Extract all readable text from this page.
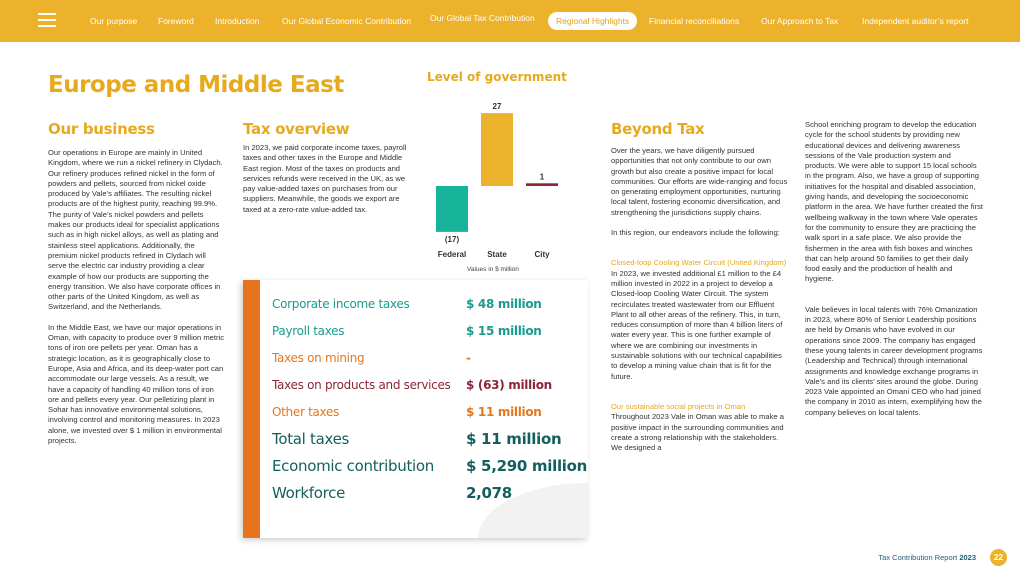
Our purpose Foreword Introduction	Our Global Economic Contribution Our Global Tax Contribution	Regional Highlights	Financial reconciliations	Our Approach to Tax	Independent auditor’s report
Europe and Middle East
Our business

Our operations in Europe are mainly in United Kingdom, where we run a nickel refinery in Clydach. Our refinery produces refined nickel in the form of powders and pellets, sourced from nickel oxide produced by Vale’s affiliates. The resulting nickel products are of the highest purity, reaching 99.9%. The purity of Vale’s nickel powders and pellets makes our products ideal for specialist applications such as in high nickel alloys, as well as plating and stainless steel applications. Additionally, the premium nickel products refined in Clydach will serve the electric car industry providing a clear example of how our products are supporting the energy transition. We also have corporate offices in other parts of the United Kingdom, as well as Switzerland, and the Netherlands.

In the Middle East, we have our major operations in Oman, with capacity to produce over 9 million metric tons of iron ore pellets per year. Oman has a strategic location, as it is geographically close to Europe, Asia and Africa, and its deep-water port can accommodate our large vessels. As a result, we have a capacity of handling 40 million tons of iron ore and pellets every year. Our pelletizing plant in Sohar has innovative environmental solutions, involving control and monitoring measures. In 2023 alone, we invested over $ 1 million in environmental projects.

Tax overview

In 2023, we paid corporate income taxes, payroll taxes and other taxes in the Europe and Middle East region. Most of the taxes on products and services refunds were received in the UK, as we pay value-added taxes on purchases from our suppliers. Meanwhile, the goods we export are taxed at a zero-rate value-added tax.

Level of government
(17)
Federal
27
State
1
City
Values in $ million
Corporate income taxes	$ 48 million
Payroll taxes	$ 15 million
Taxes on mining	-
Taxes on products and services $ (63) million
Other taxes	$ 11 million
Total taxes	$ 11 million
Economic contribution $ 5,290 million
Workforce	2,078
Beyond Tax

Over the years, we have diligently pursued opportunities that not only contribute to our own growth but also create a positive impact for local communities. Our efforts are wide-ranging and focus on generating employment opportunities, nurturing local talent, fostering economic diversification, and strengthening the jurisdictions supply chains.

In this region, our endeavors include the following:

Closed-loop Cooling Water Circuit (United Kingdom)

In 2023, we invested additional £1 million to the £4 million invested in 2022 in a project to develop a Closed-loop Cooling Water Circuit. The system recirculates treated wastewater from our Effluent Plant to all other areas of the refinery. This, in turn, reduces consumption of more than 4 billion liters of water every year. This is one further example of where we are combining our investments in sustainable solutions with our technical capabilities to develop a mining value chain that is fit for the future.

Our sustainable social projects in Oman

Throughout 2023 Vale in Oman was able to make a positive impact in the surrounding communities and create a strong relationship with the stakeholders. We designed a

School enriching program to develop the education cycle for the school students by providing new educational devices and delivering awareness sessions of the Vale production system and products. We were able to support 15 local schools in the program. Also, we have a group of supporting initiatives for the hospital and disabled association, giving hands, and developing the socioeconomic platform in the area. We have further created the first wellbeing walkway in the town where Vale operates for the community to ensure they are practicing the walk sport in a safe place. We also provide the fishermen in the area with fish boxes and winches that can help around 50 families to get their daily food easily and the production of health and hygiene.

Vale believes in local talents with 76% Omanization in 2023, where 80% of Senior Leadership positions are held by Omanis who have evolved in our operations since 2009. The company has engaged these young talents in career development programs (Leadership and Technical) through international assignments and knowledge exchange programs in Vale’s and its clients’ sites around the globe. During 2023 Vale appointed an Omani CEO who had joined the company in 2010 as intern, exemplifying how the company believes on local talents.

Tax Contribution Report 2023	22
